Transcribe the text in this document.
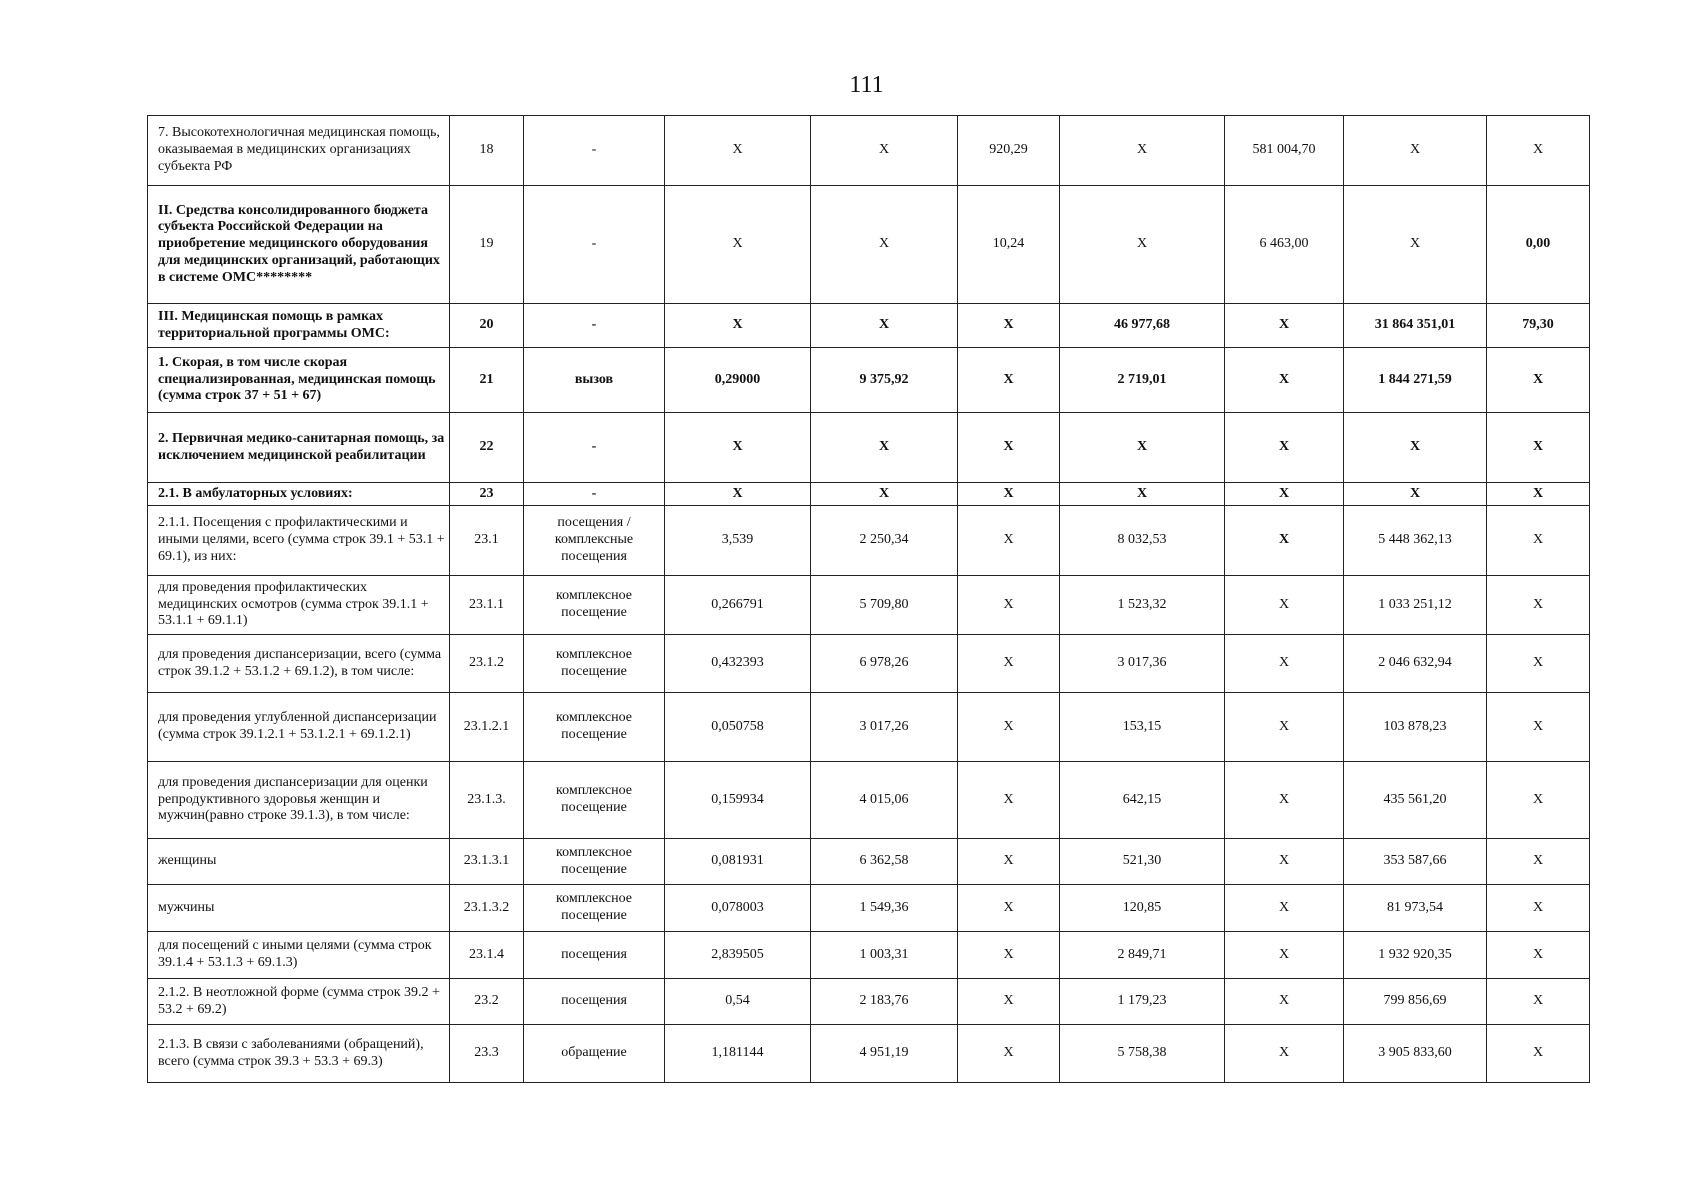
111
7. Высокотехнологичная медицинская помощь, оказываемая в медицинских организациях субъекта РФ	18	-	X	X	920,29	X	581 004,70	X	X
II. Средства консолидированного бюджета субъекта Российской Федерации на приобретение медицинского оборудования для медицинских организаций, работающих в системе ОМС********	19	-	X	X	10,24	X	6 463,00	X	0,00
III. Медицинская помощь в рамках территориальной программы ОМС:	20	-	X	X	X	46 977,68	X	31 864 351,01	79,30
1. Скорая, в том числе скорая специализированная, медицинская помощь (сумма строк 37 + 51 + 67)	21	вызов	0,29000	9 375,92	X	2 719,01	X	1 844 271,59	X
2. Первичная медико-санитарная помощь, за исключением медицинской реабилитации	22	-	X	X	X	X	X	X	X
2.1. В амбулаторных условиях:	23	-	X	X	X	X	X	X	X
2.1.1. Посещения с профилактическими и иными целями, всего (сумма строк 39.1 + 53.1 + 69.1), из них:	23.1	посещения / комплексные посещения	3,539	2 250,34	X	8 032,53	X	5 448 362,13	X
для проведения профилактических медицинских осмотров (сумма строк 39.1.1 + 53.1.1 + 69.1.1)	23.1.1	комплексное посещение	0,266791	5 709,80	X	1 523,32	X	1 033 251,12	X
для проведения диспансеризации, всего (сумма строк 39.1.2 + 53.1.2 + 69.1.2), в том числе:	23.1.2	комплексное посещение	0,432393	6 978,26	X	3 017,36	X	2 046 632,94	X
для проведения углубленной диспансеризации (сумма строк 39.1.2.1 + 53.1.2.1 + 69.1.2.1)	23.1.2.1	комплексное посещение	0,050758	3 017,26	X	153,15	X	103 878,23	X
для проведения диспансеризации для оценки репродуктивного здоровья женщин и мужчин(равно строке 39.1.3), в том числе:	23.1.3.	комплексное посещение	0,159934	4 015,06	X	642,15	X	435 561,20	X
женщины	23.1.3.1	комплексное посещение	0,081931	6 362,58	X	521,30	X	353 587,66	X
мужчины	23.1.3.2	комплексное посещение	0,078003	1 549,36	X	120,85	X	81 973,54	X
для посещений с иными целями (сумма строк 39.1.4 + 53.1.3 + 69.1.3)	23.1.4	посещения	2,839505	1 003,31	X	2 849,71	X	1 932 920,35	X
2.1.2. В неотложной форме (сумма строк 39.2 + 53.2 + 69.2)	23.2	посещения	0,54	2 183,76	X	1 179,23	X	799 856,69	X
2.1.3. В связи с заболеваниями (обращений), всего (сумма строк 39.3 + 53.3 + 69.3)	23.3	обращение	1,181144	4 951,19	X	5 758,38	X	3 905 833,60	X
